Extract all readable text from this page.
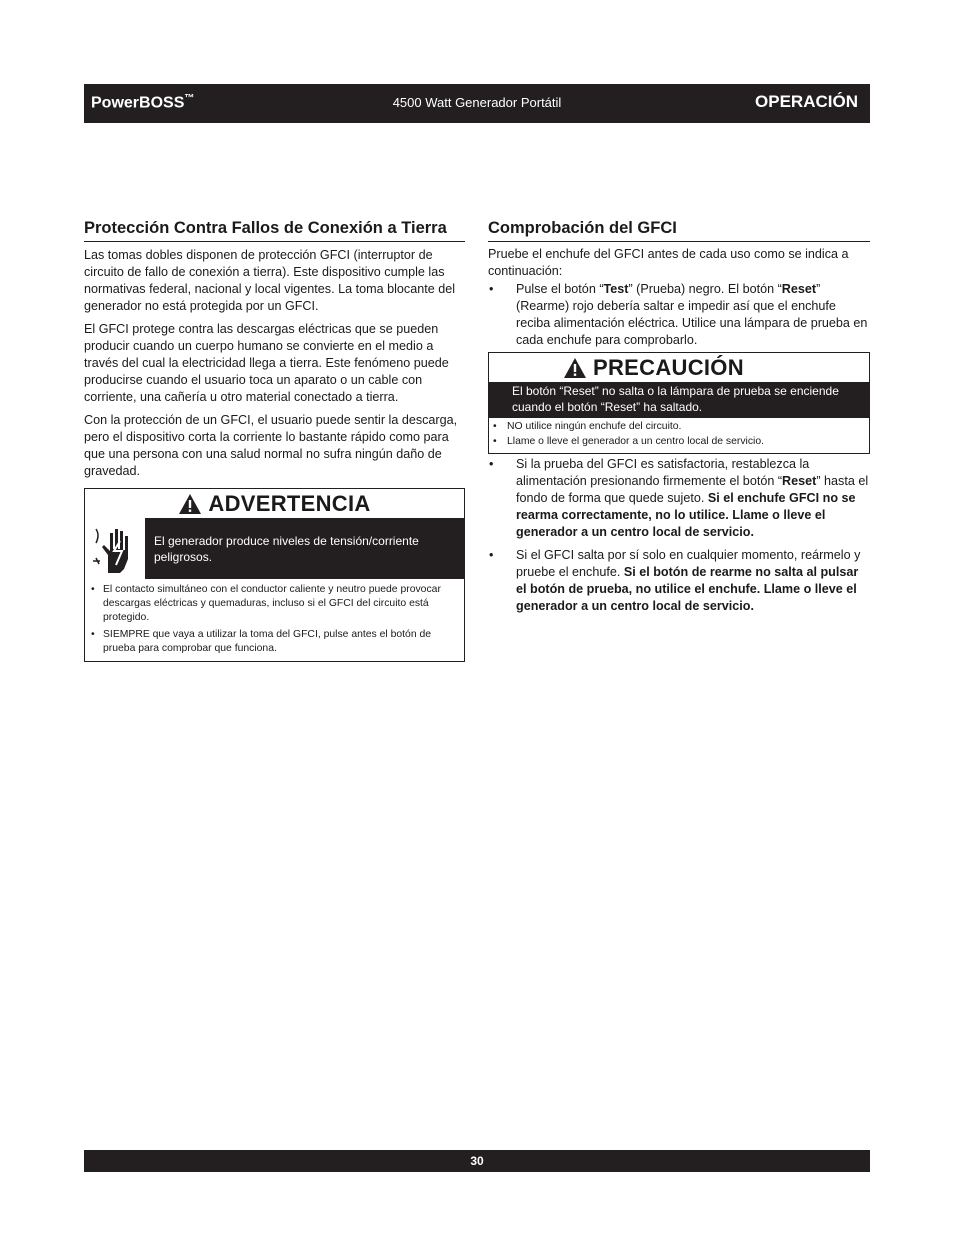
PowerBOSS™	4500 Watt Generador Portátil	OPERACIÓN
Protección Contra Fallos de Conexión a Tierra

Las tomas dobles disponen de protección GFCI (interruptor de circuito de fallo de conexión a tierra). Este dispositivo cumple las normativas federal, nacional y local vigentes. La toma blocante del generador no está protegida por un GFCI.

El GFCI protege contra las descargas eléctricas que se pueden producir cuando un cuerpo humano se convierte en el medio a través del cual la electricidad llega a tierra. Este fenómeno puede producirse cuando el usuario toca un aparato o un cable con corriente, una cañería u otro material conectado a tierra.

Con la protección de un GFCI, el usuario puede sentir la descarga, pero el dispositivo corta la corriente lo bastante rápido como para que una persona con una salud normal no sufra ningún daño de gravedad.

ADVERTENCIA
El generador produce niveles de tensión/corriente peligrosos.
• El contacto simultáneo con el conductor caliente y neutro puede provocar descargas eléctricas y quemaduras, incluso si el GFCI del circuito está protegido.
• SIEMPRE que vaya a utilizar la toma del GFCI, pulse antes el botón de prueba para comprobar que funciona.
Comprobación del GFCI

Pruebe el enchufe del GFCI antes de cada uso como se indica a continuación:

• Pulse el botón “Test” (Prueba) negro. El botón “Reset” (Rearme) rojo debería saltar e impedir así que el enchufe reciba alimentación eléctrica. Utilice una lámpara de prueba en cada enchufe para comprobarlo.
PRECAUCIÓN
El botón “Reset” no salta o la lámpara de prueba se enciende cuando el botón “Reset” ha saltado.
• NO utilice ningún enchufe del circuito.
• Llame o lleve el generador a un centro local de servicio.
• Si la prueba del GFCI es satisfactoria, restablezca la alimentación presionando firmemente el botón “Reset” hasta el fondo de forma que quede sujeto. Si el enchufe GFCI no se rearma correctamente, no lo utilice. Llame o lleve el generador a un centro local de servicio.
• Si el GFCI salta por sí solo en cualquier momento, reármelo y pruebe el enchufe. Si el botón de rearme no salta al pulsar el botón de prueba, no utilice el enchufe. Llame o lleve el generador a un centro local de servicio.
30
